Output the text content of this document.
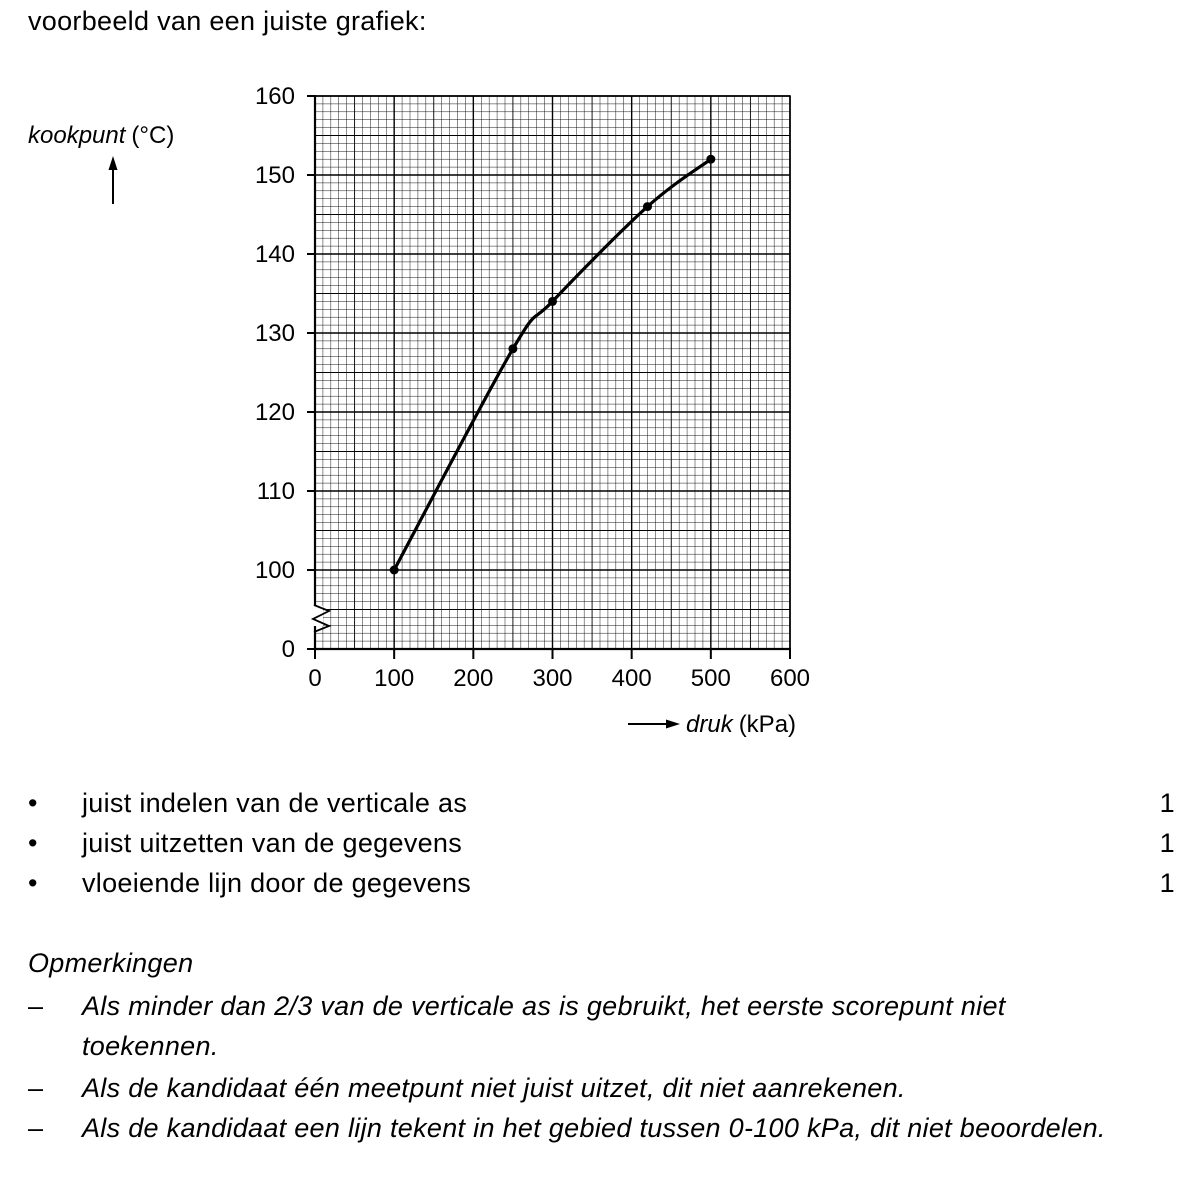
voorbeeld van een juiste grafiek:
0
100
110
120
130
140
150
160
0 100 200 300 400 500 600
kookpunt (°C)
druk (kPa)
• juist indelen van de verticale as	1
• juist uitzetten van de gegevens	1
• vloeiende lijn door de gegevens	1
Opmerkingen
– Als minder dan 2/3 van de verticale as is gebruikt, het eerste scorepunt niet toekennen.
– Als de kandidaat één meetpunt niet juist uitzet, dit niet aanrekenen.
– Als de kandidaat een lijn tekent in het gebied tussen 0-100 kPa, dit niet beoordelen.
